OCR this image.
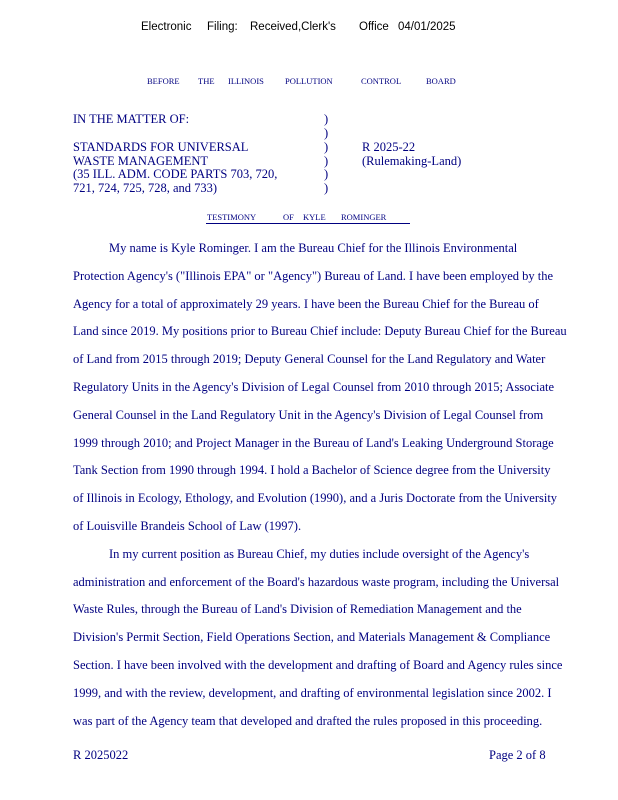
Electronic Filing: Received,Clerk's Office 04/01/2025
BEFORE THE ILLINOIS POLLUTION	CONTROL	BOARD
IN THE MATTER OF:	)
)
STANDARDS FOR UNIVERSAL	)	R 2025-22
WASTE MANAGEMENT	)	(Rulemaking-Land)
(35 ILL. ADM. CODE PARTS 703, 720,	)
721, 724, 725, 728, and 733)	)
TESTIMONY	OF KYLE ROMINGER

My name is Kyle Rominger. I am the Bureau Chief for the Illinois Environmental

Protection Agency's ("Illinois EPA" or "Agency") Bureau of Land. I have been employed by the

Agency for a total of approximately 29 years. I have been the Bureau Chief for the Bureau of

Land since 2019. My positions prior to Bureau Chief include: Deputy Bureau Chief for the Bureau

of Land from 2015 through 2019; Deputy General Counsel for the Land Regulatory and Water

Regulatory Units in the Agency's Division of Legal Counsel from 2010 through 2015; Associate

General Counsel in the Land Regulatory Unit in the Agency's Division of Legal Counsel from

1999 through 2010; and Project Manager in the Bureau of Land's Leaking Underground Storage

Tank Section from 1990 through 1994. I hold a Bachelor of Science degree from the University

of Illinois in Ecology, Ethology, and Evolution (1990), and a Juris Doctorate from the University

of Louisville Brandeis School of Law (1997).

In my current position as Bureau Chief, my duties include oversight of the Agency's

administration and enforcement of the Board's hazardous waste program, including the Universal

Waste Rules, through the Bureau of Land's Division of Remediation Management and the

Division's Permit Section, Field Operations Section, and Materials Management & Compliance

Section. I have been involved with the development and drafting of Board and Agency rules since

1999, and with the review, development, and drafting of environmental legislation since 2002. I

was part of the Agency team that developed and drafted the rules proposed in this proceeding.

R 2025022	Page 2 of 8
